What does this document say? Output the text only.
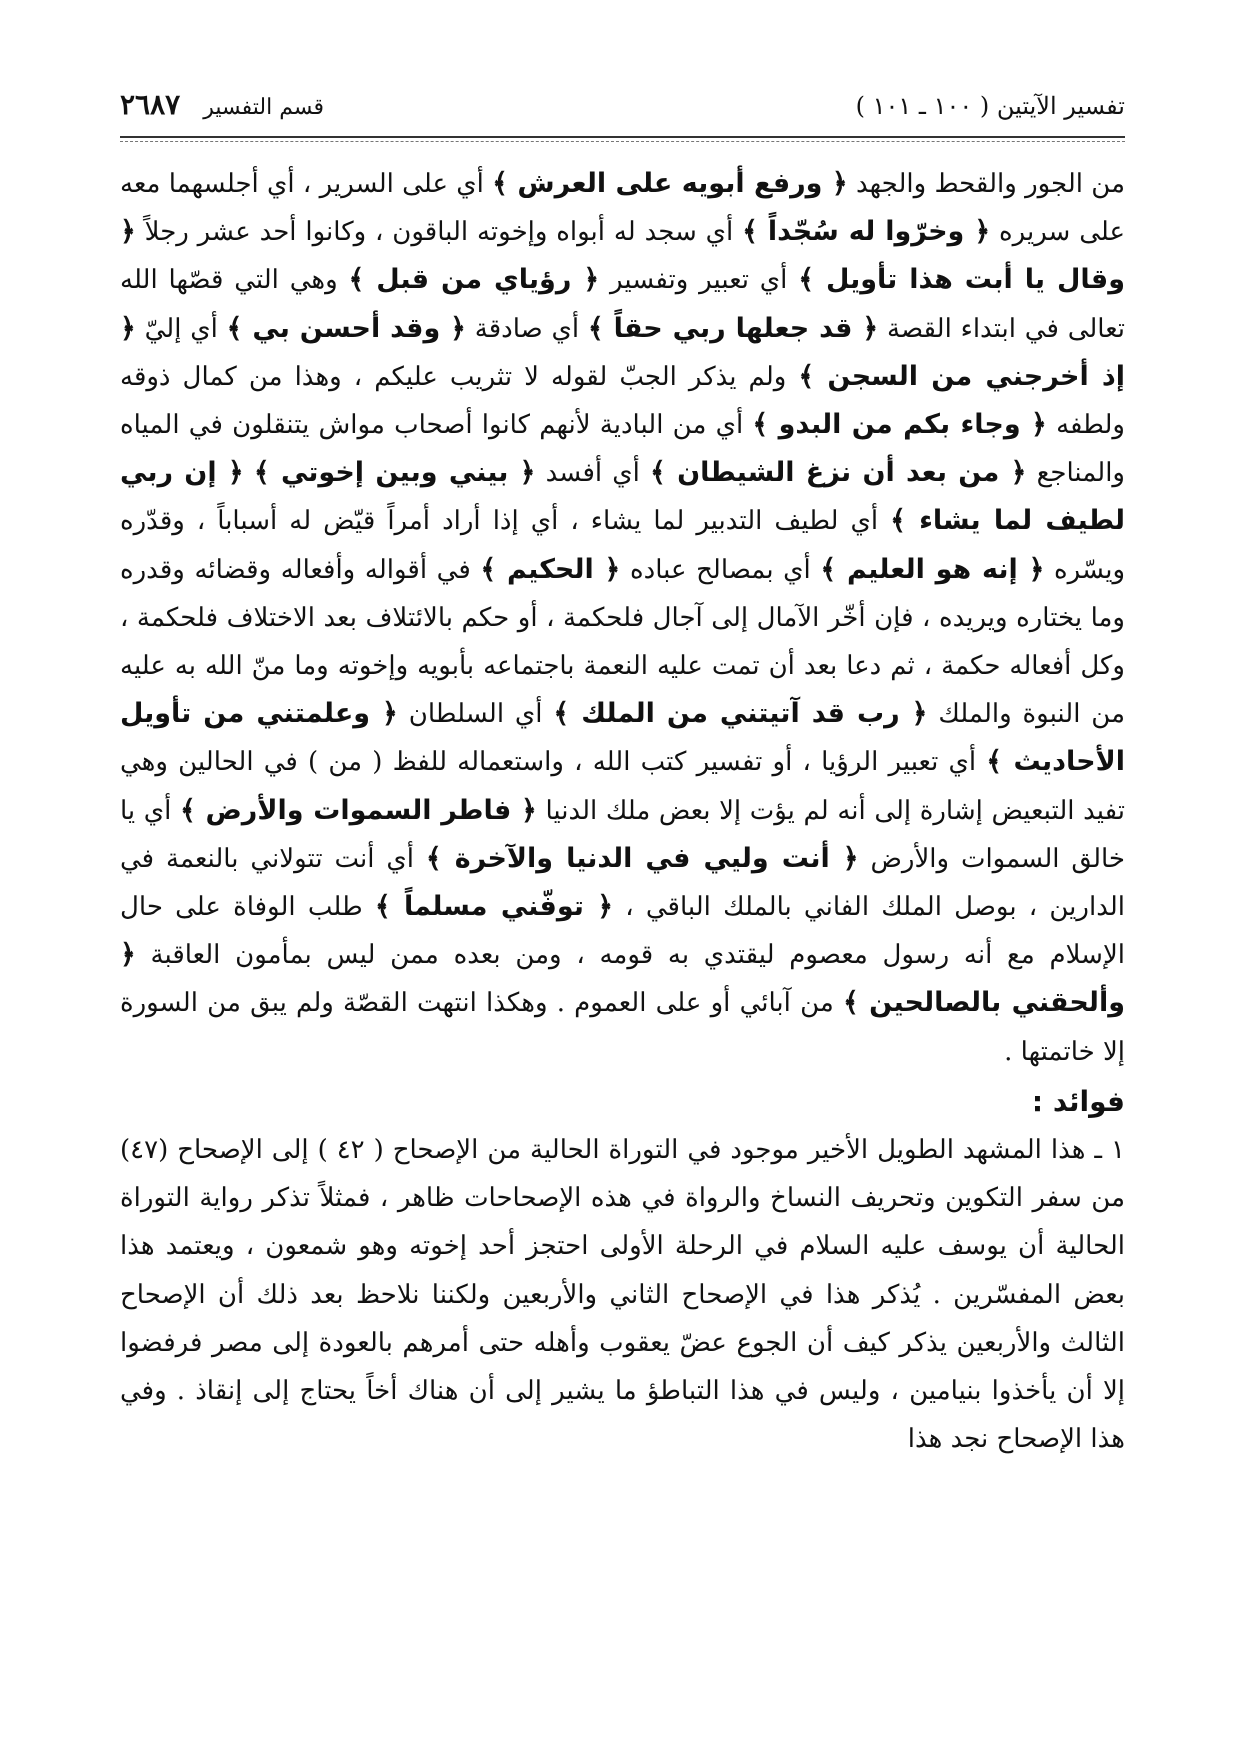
تفسير الآيتين ( ١٠٠ ـ ١٠١ )
قسم التفسير ٢٦٨٧

من الجور والقحط والجهد ﴿ ورفع أبويه على العرش ﴾ أي على السرير ، أي أجلسهما معه على سريره ﴿ وخرّوا له سُجّداً ﴾ أي سجد له أبواه وإخوته الباقون ، وكانوا أحد عشر رجلاً ﴿ وقال يا أبت هذا تأويل ﴾ أي تعبير وتفسير ﴿ رؤياي من قبل ﴾ وهي التي قصّها الله تعالى في ابتداء القصة ﴿ قد جعلها ربي حقاً ﴾ أي صادقة ﴿ وقد أحسن بي ﴾ أي إليّ ﴿ إذ أخرجني من السجن ﴾ ولم يذكر الجبّ لقوله لا تثريب عليكم ، وهذا من كمال ذوقه ولطفه ﴿ وجاء بكم من البدو ﴾ أي من البادية لأنهم كانوا أصحاب مواش يتنقلون في المياه والمناجع ﴿ من بعد أن نزغ الشيطان ﴾ أي أفسد ﴿ بيني وبين إخوتي ﴾ ﴿ إن ربي لطيف لما يشاء ﴾ أي لطيف التدبير لما يشاء ، أي إذا أراد أمراً قيّض له أسباباً ، وقدّره ويسّره ﴿ إنه هو العليم ﴾ أي بمصالح عباده ﴿ الحكيم ﴾ في أقواله وأفعاله وقضائه وقدره وما يختاره ويريده ، فإن أخّر الآمال إلى آجال فلحكمة ، أو حكم بالائتلاف بعد الاختلاف فلحكمة ، وكل أفعاله حكمة ، ثم دعا بعد أن تمت عليه النعمة باجتماعه بأبويه وإخوته وما منّ الله به عليه من النبوة والملك ﴿ رب قد آتيتني من الملك ﴾ أي السلطان ﴿ وعلمتني من تأويل الأحاديث ﴾ أي تعبير الرؤيا ، أو تفسير كتب الله ، واستعماله للفظ ( من ) في الحالين وهي تفيد التبعيض إشارة إلى أنه لم يؤت إلا بعض ملك الدنيا ﴿ فاطر السموات والأرض ﴾ أي يا خالق السموات والأرض ﴿ أنت وليي في الدنيا والآخرة ﴾ أي أنت تتولاني بالنعمة في الدارين ، بوصل الملك الفاني بالملك الباقي ، ﴿ توفّني مسلماً ﴾ طلب الوفاة على حال الإسلام مع أنه رسول معصوم ليقتدي به قومه ، ومن بعده ممن ليس بمأمون العاقبة ﴿ وألحقني بالصالحين ﴾ من آبائي أو على العموم . وهكذا انتهت القصّة ولم يبق من السورة إلا خاتمتها .

فوائد :

١ ـ هذا المشهد الطويل الأخير موجود في التوراة الحالية من الإصحاح ( ٤٢ ) إلى الإصحاح (٤٧) من سفر التكوين وتحريف النساخ والرواة في هذه الإصحاحات ظاهر ، فمثلاً تذكر رواية التوراة الحالية أن يوسف عليه السلام في الرحلة الأولى احتجز أحد إخوته وهو شمعون ، ويعتمد هذا بعض المفسّرين . يُذكر هذا في الإصحاح الثاني والأربعين ولكننا نلاحظ بعد ذلك أن الإصحاح الثالث والأربعين يذكر كيف أن الجوع عضّ يعقوب وأهله حتى أمرهم بالعودة إلى مصر فرفضوا إلا أن يأخذوا بنيامين ، وليس في هذا التباطؤ ما يشير إلى أن هناك أخاً يحتاج إلى إنقاذ . وفي هذا الإصحاح نجد هذا
